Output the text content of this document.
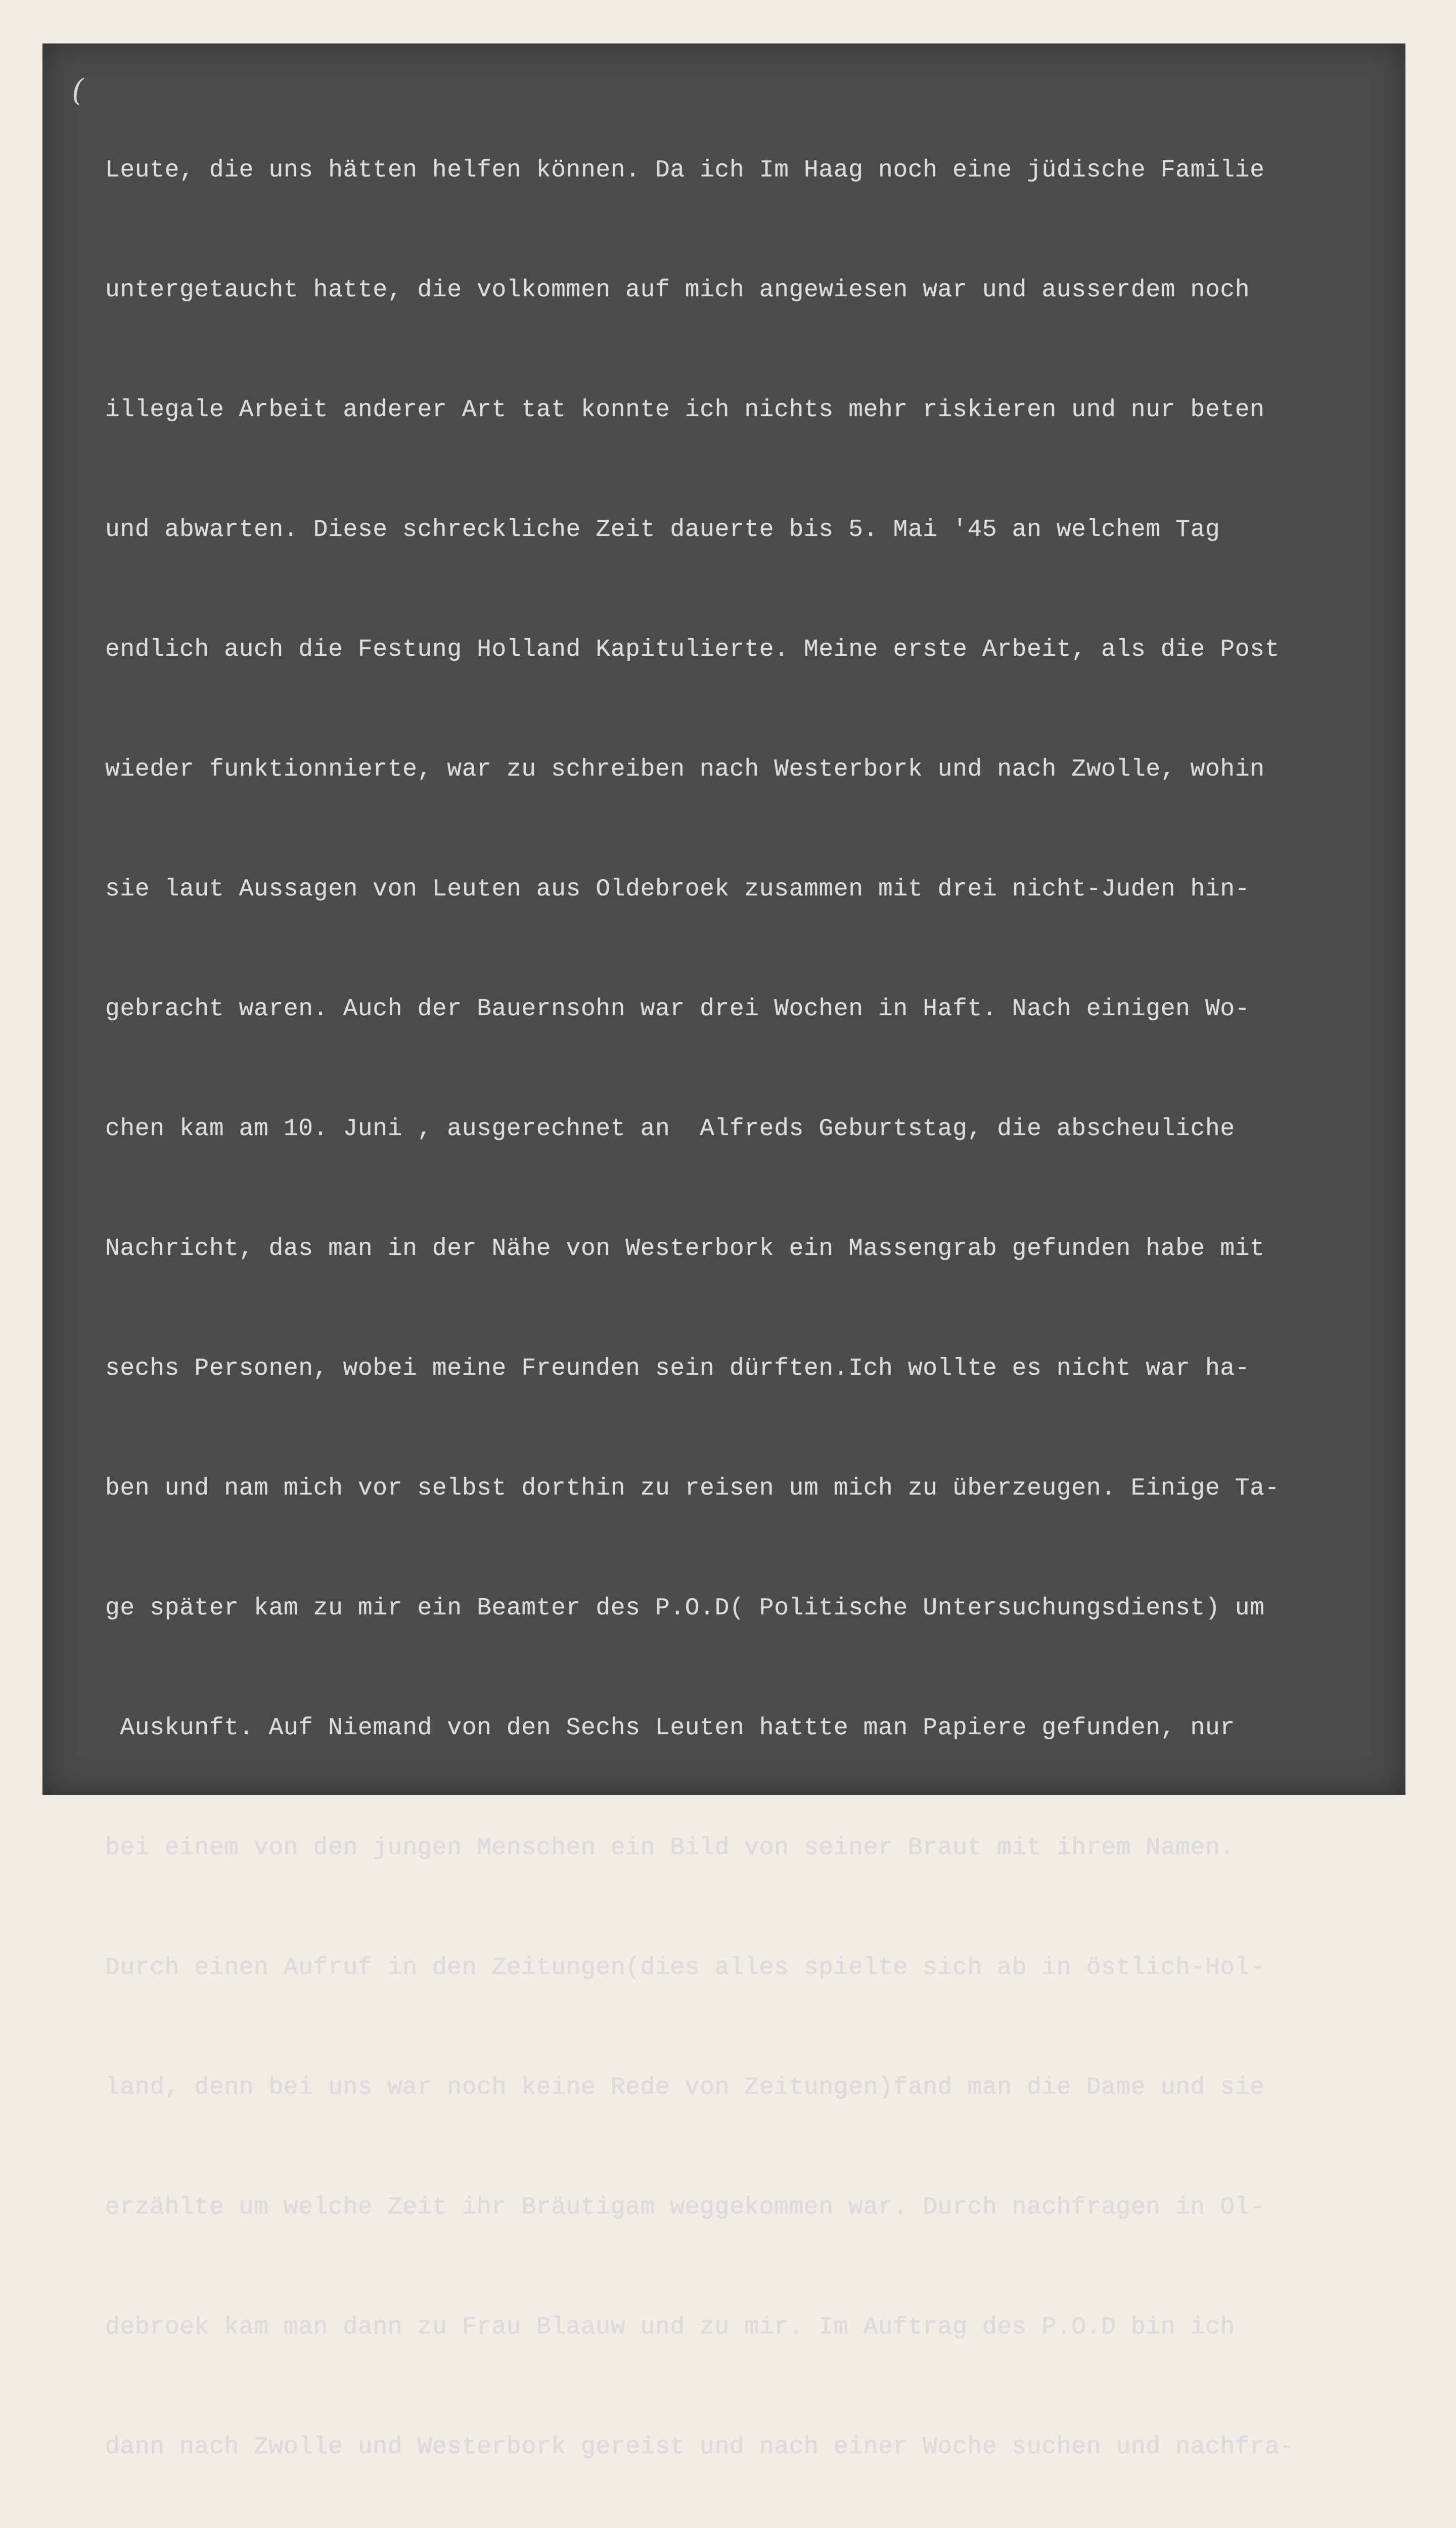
(

Leute, die uns hätten helfen können. Da ich Im Haag noch eine jüdische Familie

untergetaucht hatte, die volkommen auf mich angewiesen war und ausserdem noch

illegale Arbeit anderer Art tat konnte ich nichts mehr riskieren und nur beten

und abwarten. Diese schreckliche Zeit dauerte bis 5. Mai '45 an welchem Tag

endlich auch die Festung Holland Kapitulierte. Meine erste Arbeit, als die Post

wieder funktionnierte, war zu schreiben nach Westerbork und nach Zwolle, wohin

sie laut Aussagen von Leuten aus Oldebroek zusammen mit drei nicht-Juden hin-

gebracht waren. Auch der Bauernsohn war drei Wochen in Haft. Nach einigen Wo-

chen kam am 10. Juni , ausgerechnet an  Alfreds Geburtstag, die abscheuliche

Nachricht, das man in der Nähe von Westerbork ein Massengrab gefunden habe mit

sechs Personen, wobei meine Freunden sein dürften.Ich wollte es nicht war ha-

ben und nam mich vor selbst dorthin zu reisen um mich zu überzeugen. Einige Ta-

ge später kam zu mir ein Beamter des P.O.D( Politische Untersuchungsdienst) um

Auskunft. Auf Niemand von den Sechs Leuten hattte man Papiere gefunden, nur

bei einem von den jungen Menschen ein Bild von seiner Braut mit ihrem Namen.

Durch einen Aufruf in den Zeitungen(dies alles spielte sich ab in östlich-Hol-

land, denn bei uns war noch keine Rede von Zeitungen)fand man die Dame und sie

erzählte um welche Zeit ihr Bräutigam weggekommen war. Durch nachfragen in Ol-

debroek kam man dann zu Frau Blaauw und zu mir. Im Auftrag des P.O.D bin ich

dann nach Zwolle und Westerbork gereist und nach einer Woche suchen und nachfra-
